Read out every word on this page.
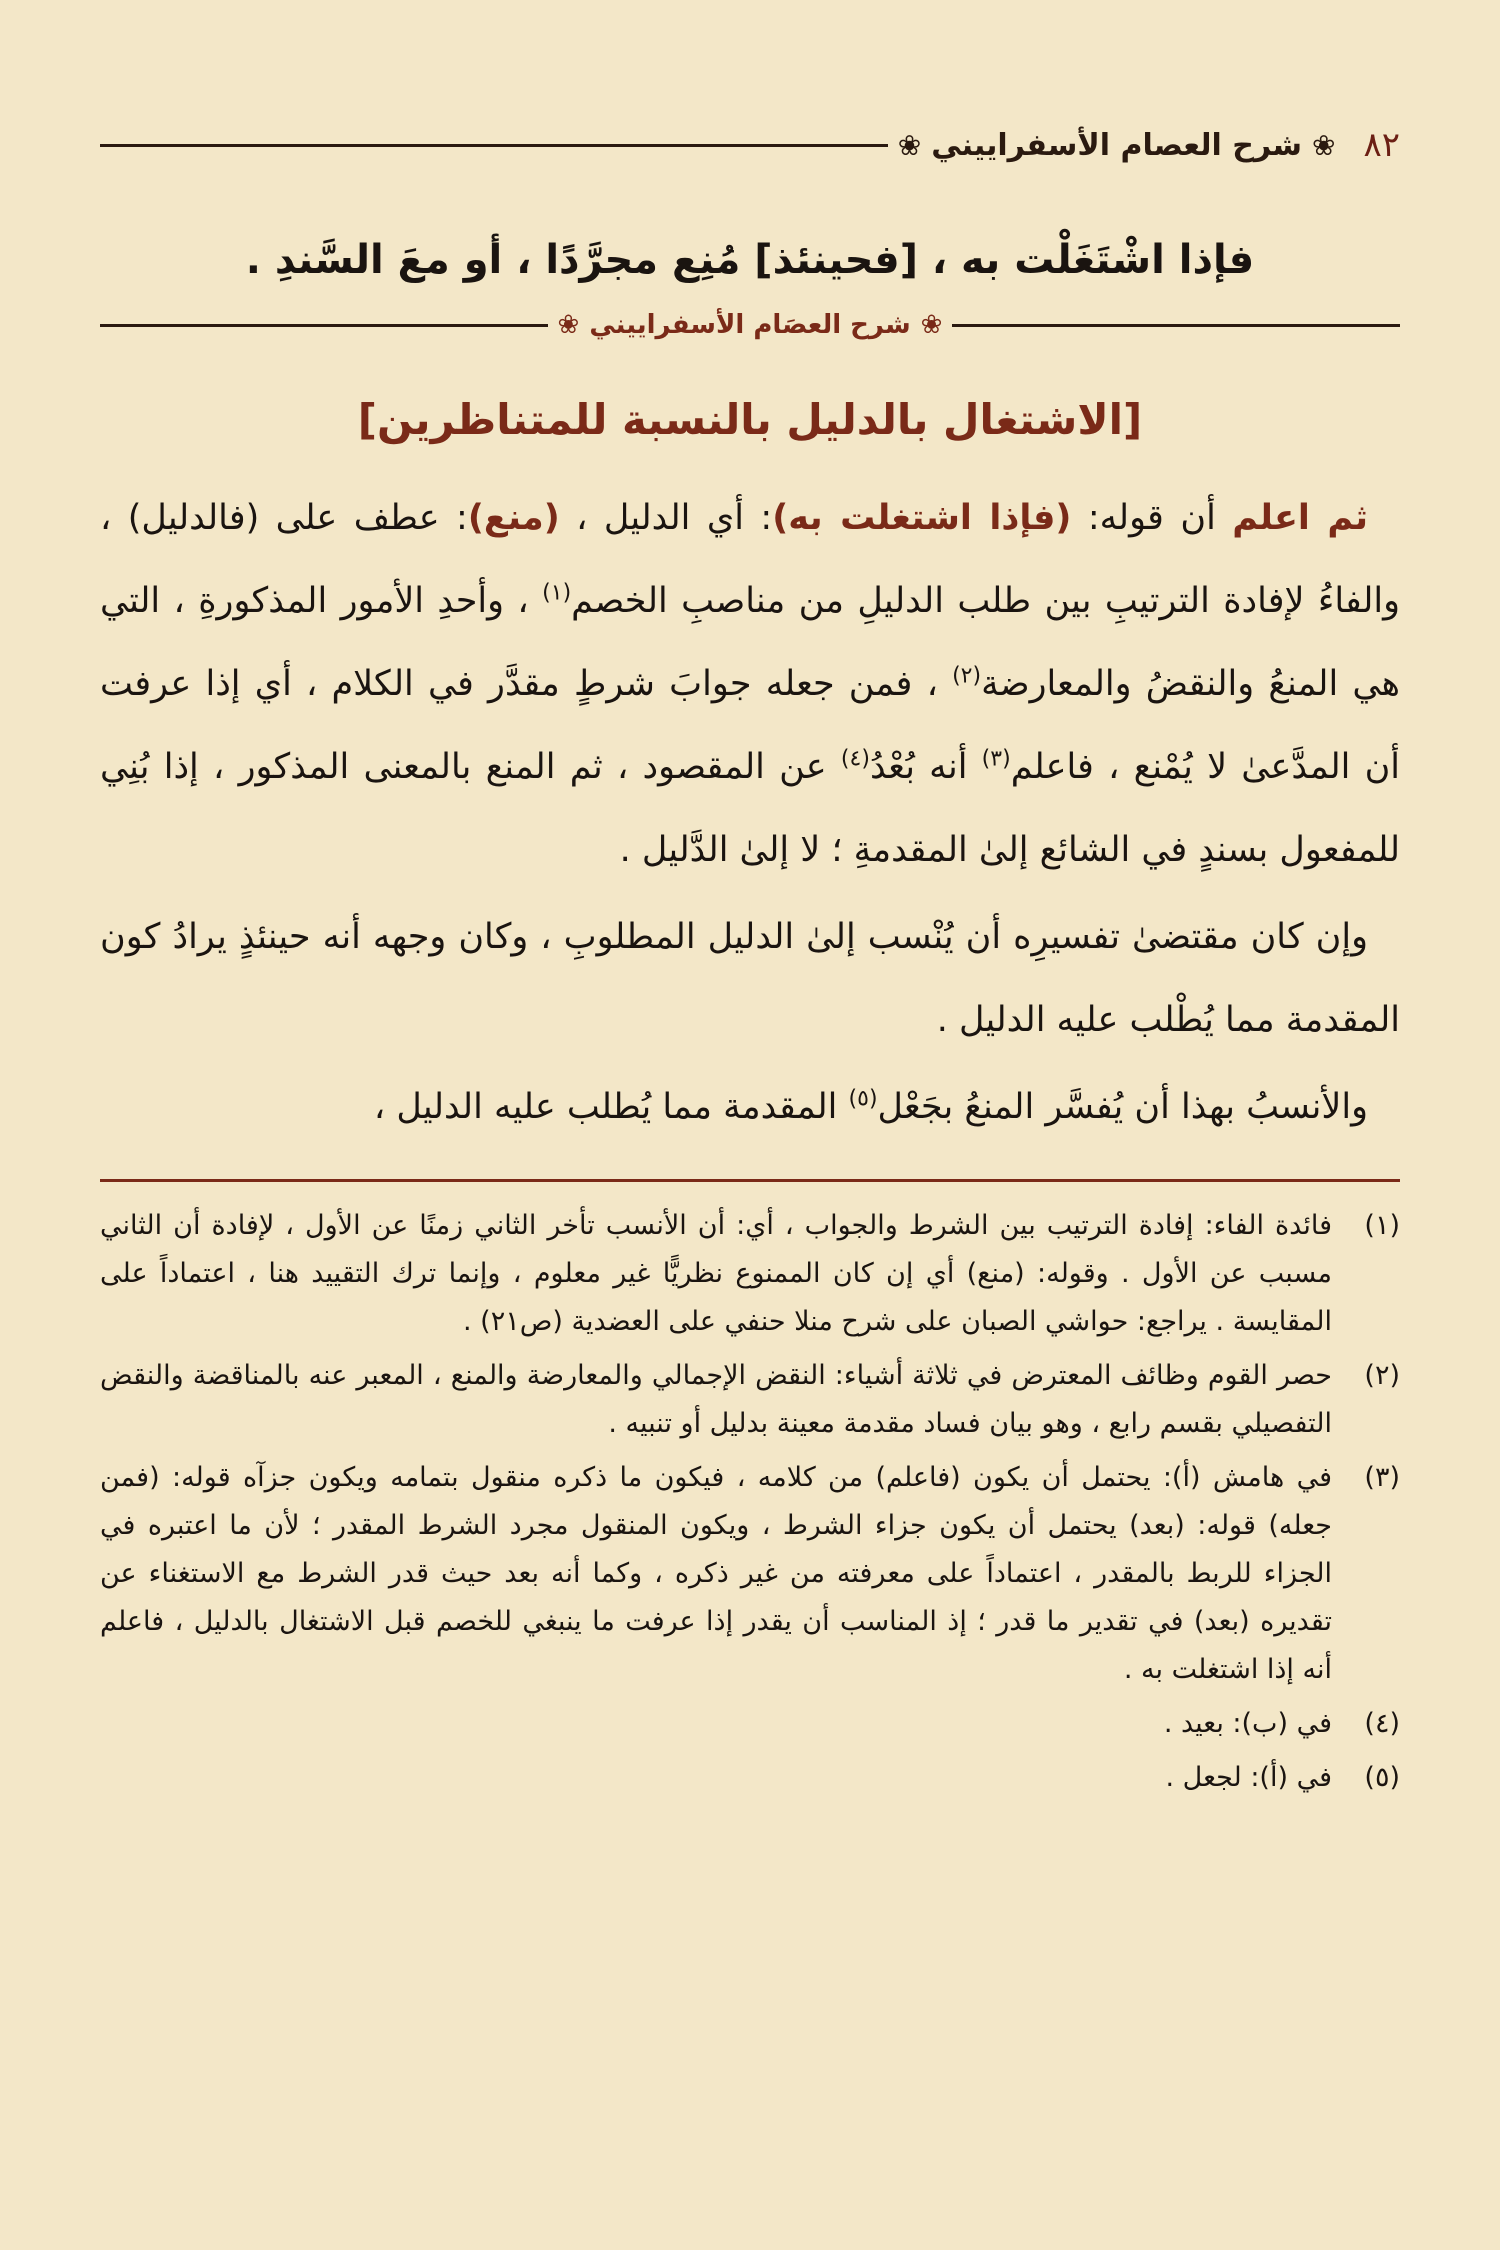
٨٢
❀
شرح العصام الأسفراييني
❀
فإذا اشْتَغَلْت به ، [فحينئذ] مُنِع مجرَّدًا ، أو معَ السَّندِ .
❀
شرح العصَام الأسفراييني
❀
[الاشتغال بالدليل بالنسبة للمتناظرين]

ثم اعلم أن قوله: (فإذا اشتغلت به): أي الدليل ، (منع): عطف على (فالدليل) ، والفاءُ لإفادة الترتيبِ بين طلب الدليلِ من مناصبِ الخصم$^{(١)}$ ، وأحدِ الأمور المذكورةِ ، التي هي المنعُ والنقضُ والمعارضة$^{(٢)}$ ، فمن جعله جوابَ شرطٍ مقدَّر في الكلام ، أي إذا عرفت أن المدَّعىٰ لا يُمْنع ، فاعلم$^{(٣)}$ أنه بُعْدُ$^{(٤)}$ عن المقصود ، ثم المنع بالمعنى المذكور ، إذا بُنِي للمفعول بسندٍ في الشائع إلىٰ المقدمةِ ؛ لا إلىٰ الدَّليل .

وإن كان مقتضىٰ تفسيرِه أن يُنْسب إلىٰ الدليل المطلوبِ ، وكان وجهه أنه حينئذٍ يرادُ كون المقدمة مما يُطْلب عليه الدليل .

والأنسبُ بهذا أن يُفسَّر المنعُ بجَعْل$^{(٥)}$ المقدمة مما يُطلب عليه الدليل ،

(١)
فائدة الفاء: إفادة الترتيب بين الشرط والجواب ، أي: أن الأنسب تأخر الثاني زمنًا عن الأول ، لإفادة أن الثاني مسبب عن الأول . وقوله: (منع) أي إن كان الممنوع نظريًّا غير معلوم ، وإنما ترك التقييد هنا ، اعتماداً على المقايسة . يراجع: حواشي الصبان على شرح منلا حنفي على العضدية (ص٢١) .
(٢)
حصر القوم وظائف المعترض في ثلاثة أشياء: النقض الإجمالي والمعارضة والمنع ، المعبر عنه بالمناقضة والنقض التفصيلي بقسم رابع ، وهو بيان فساد مقدمة معينة بدليل أو تنبيه .
(٣)
في هامش (أ): يحتمل أن يكون (فاعلم) من كلامه ، فيكون ما ذكره منقول بتمامه ويكون جزآه قوله: (فمن جعله) قوله: (بعد) يحتمل أن يكون جزاء الشرط ، ويكون المنقول مجرد الشرط المقدر ؛ لأن ما اعتبره في الجزاء للربط بالمقدر ، اعتماداً على معرفته من غير ذكره ، وكما أنه بعد حيث قدر الشرط مع الاستغناء عن تقديره (بعد) في تقدير ما قدر ؛ إذ المناسب أن يقدر إذا عرفت ما ينبغي للخصم قبل الاشتغال بالدليل ، فاعلم أنه إذا اشتغلت به .
(٤)
في (ب): بعيد .
(٥)
في (أ): لجعل .
